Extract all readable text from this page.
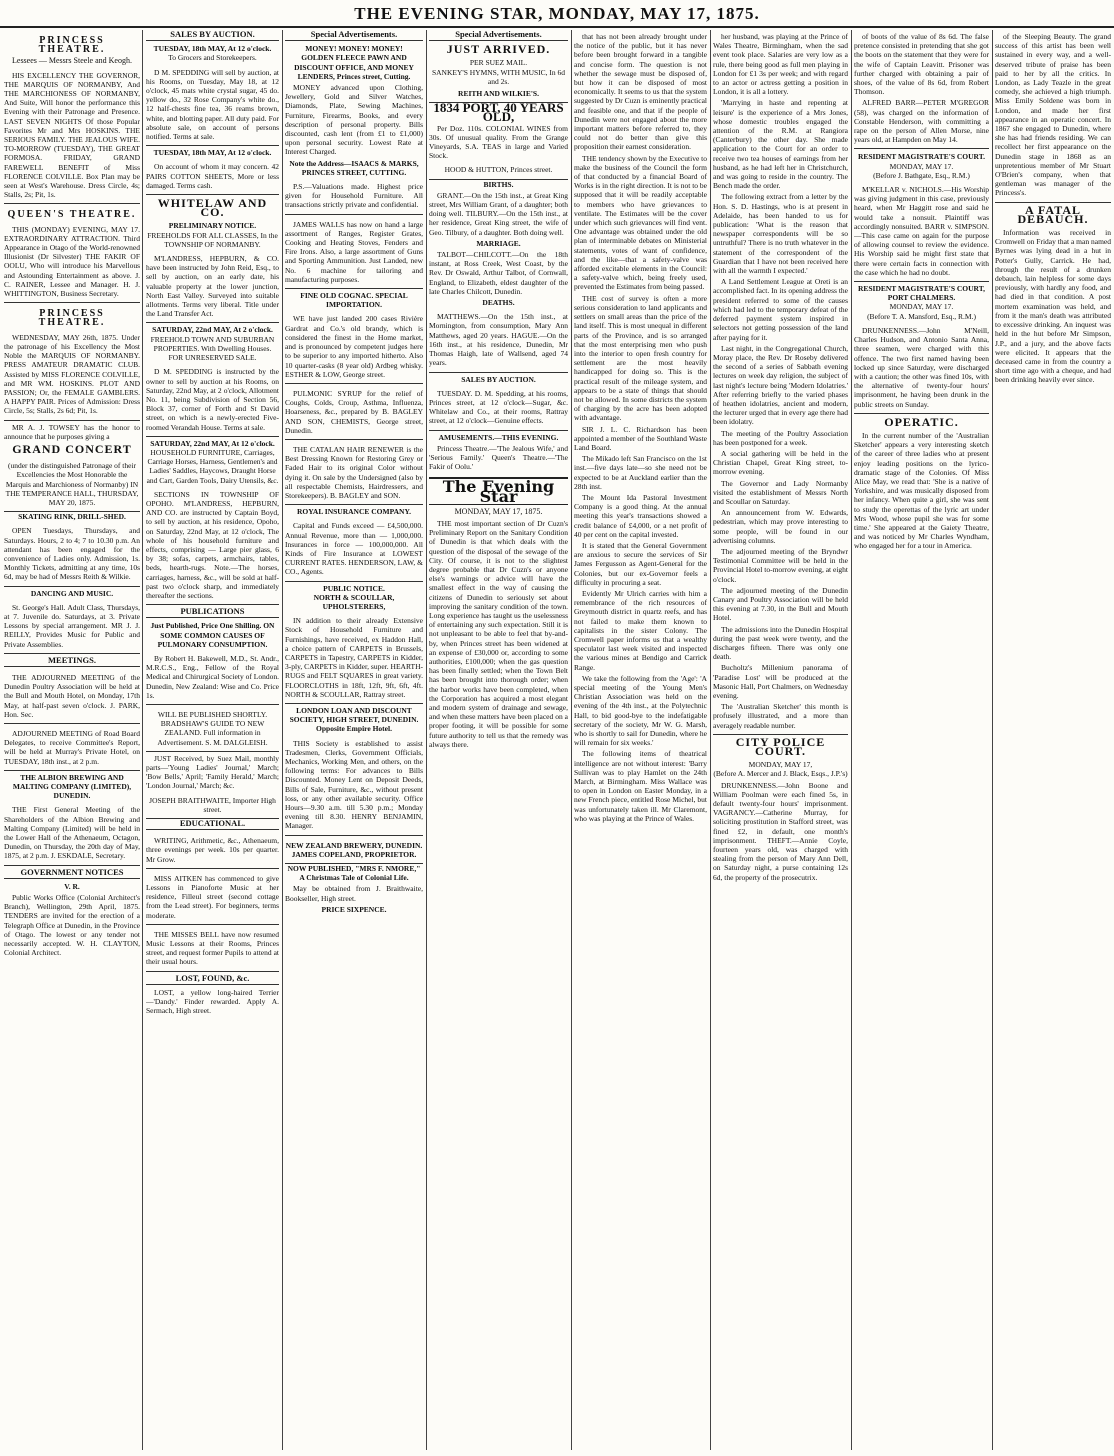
THE EVENING STAR, MONDAY, MAY 17, 1875.
PRINCESS THEATRE.
Lessees — Messrs Steele and Keogh.
HIS EXCELLENCY THE GOVERNOR, THE MARQUIS OF NORMANBY, And THE MARCHIONESS OF NORMANBY, And Suite, Will honor the performance this Evening with their Patronage and Presence. LAST SEVEN NIGHTS Of those Popular Favorites Mr and Mrs HOSKINS. THE SERIOUS FAMILY. THE JEALOUS WIFE. TO-MORROW (TUESDAY), THE GREAT FORMOSA. FRIDAY, GRAND FAREWELL BENEFIT of Miss FLORENCE COLVILLE. Box Plan may be seen at West's Warehouse. Dress Circle, 4s; Stalls, 2s; Pit, 1s.
QUEEN'S THEATRE.
THIS (MONDAY) EVENING, MAY 17. EXTRAORDINARY ATTRACTION. Third Appearance in Otago of the World-renowned Illusionist (Dr Silvester) THE FAKIR OF OOLU, Who will introduce his Marvellous and Astounding Entertainment as above. J. C. RAINER, Lessee and Manager. H. J. WHITTINGTON, Business Secretary.
PRINCESS THEATRE.
WEDNESDAY, MAY 26th, 1875. Under the patronage of his Excellency the Most Noble the MARQUIS OF NORMANBY. PRESS AMATEUR DRAMATIC CLUB. Assisted by MISS FLORENCE COLVILLE, and MR WM. HOSKINS. PLOT AND PASSION; Or, the FEMALE GAMBLERS. A HAPPY PAIR. Prices of Admission: Dress Circle, 5s; Stalls, 2s 6d; Pit, 1s.
MR A. J. TOWSEY has the honor to announce that he purposes giving a
GRAND CONCERT
(under the distinguished Patronage of their Excellencies the Most Honorable the Marquis and Marchioness of Normanby) IN THE TEMPERANCE HALL, THURSDAY, MAY 20, 1875.
SKATING RINK, DRILL-SHED.
OPEN Tuesdays, Thursdays, and Saturdays. Hours, 2 to 4; 7 to 10.30 p.m. An attendant has been engaged for the convenience of Ladies only. Admission, 1s. Monthly Tickets, admitting at any time, 10s 6d, may be had of Messrs Reith & Wilkie.
DANCING AND MUSIC.
St. George's Hall. Adult Class, Thursdays, at 7. Juvenile do. Saturdays, at 3. Private Lessons by special arrangement. MR J. J. REILLY, Provides Music for Public and Private Assemblies.
MEETINGS.
THE ADJOURNED MEETING of the Dunedin Poultry Association will be held at the Bull and Mouth Hotel, on Monday, 17th May, at half-past seven o'clock. J. PARK, Hon. Sec.
ADJOURNED MEETING of Road Board Delegates, to receive Committee's Report, will be held at Murray's Private Hotel, on TUESDAY, 18th inst., at 2 p.m.
THE ALBION BREWING AND MALTING COMPANY (LIMITED), DUNEDIN.
THE First General Meeting of the Shareholders of the Albion Brewing and Malting Company (Limited) will be held in the Lower Hall of the Athenaeum, Octagon, Dunedin, on Thursday, the 20th day of May, 1875, at 2 p.m. J. ESKDALE, Secretary.
GOVERNMENT NOTICES
V. R.
Public Works Office (Colonial Architect's Branch), Wellington, 29th April, 1875. TENDERS are invited for the erection of a Telegraph Office at Dunedin, in the Province of Otago. The lowest or any tender not necessarily accepted. W. H. CLAYTON, Colonial Architect.
SALES BY AUCTION.
TUESDAY, 18th MAY, At 12 o'clock.
To Grocers and Storekeepers.
D M. SPEDDING will sell by auction, at his Rooms, on Tuesday, May 18, at 12 o'clock, 45 mats white crystal sugar, 45 do. yellow do., 32 Rose Company's white do., 12 half-chests fine tea, 36 reams brown, white, and blotting paper. All duty paid. For absolute sale, on account of persons notified. Terms at sale.
TUESDAY, 18th MAY, At 12 o'clock.
On account of whom it may concern. 42 PAIRS COTTON SHEETS, More or less damaged. Terms cash.
WHITELAW AND CO.
PRELIMINARY NOTICE.
FREEHOLDS FOR ALL CLASSES, In the TOWNSHIP OF NORMANBY.
M'LANDRESS, HEPBURN, & CO. have been instructed by John Reid, Esq., to sell by auction, on an early date, his valuable property at the lower junction, North East Valley. Surveyed into suitable allotments. Terms very liberal. Title under the Land Transfer Act.
SATURDAY, 22nd MAY, At 2 o'clock.
FREEHOLD TOWN AND SUBURBAN PROPERTIES. With Dwelling Houses. FOR UNRESERVED SALE.
D M. SPEDDING is instructed by the owner to sell by auction at his Rooms, on Saturday, 22nd May, at 2 o'clock, Allotment No. 11, being Subdivision of Section 56, Block 37, corner of Forth and St David street, on which is a newly-erected Five-roomed Verandah House. Terms at sale.
SATURDAY, 22nd MAY, At 12 o'clock.
HOUSEHOLD FURNITURE, Carriages, Carriage Horses, Harness, Gentlemen's and Ladies' Saddles, Haycows, Draught Horse and Cart, Garden Tools, Dairy Utensils, &c.
SECTIONS IN TOWNSHIP OF OPOHO. M'LANDRESS, HEPBURN, AND CO. are instructed by Captain Boyd, to sell by auction, at his residence, Opoho, on Saturday, 22nd May, at 12 o'clock, The whole of his household furniture and effects, comprising — Large pier glass, 6 by 38; sofas, carpets, armchairs, tables, beds, hearth-rugs. Note.—The horses, carriages, harness, &c., will be sold at half-past two o'clock sharp, and immediately thereafter the sections.
PUBLICATIONS
Just Published, Price One Shilling. ON SOME COMMON CAUSES OF PULMONARY CONSUMPTION.
By Robert H. Bakewell, M.D., St. Andr., M.R.C.S., Eng., Fellow of the Royal Medical and Chirurgical Society of London. Dunedin, New Zealand: Wise and Co. Price 1s.
WILL BE PUBLISHED SHORTLY. BRADSHAW'S GUIDE TO NEW ZEALAND. Full information in Advertisement. S. M. DALGLEISH.
JUST Received, by Suez Mail, monthly parts—'Young Ladies' Journal,' March; 'Bow Bells,' April; 'Family Herald,' March; 'London Journal,' March; &c.
JOSEPH BRAITHWAITE, Importer High street.
EDUCATIONAL.
WRITING, Arithmetic, &c., Athenaeum, three evenings per week. 10s per quarter. Mr Grow.
MISS AITKEN has commenced to give Lessons in Pianoforte Music at her residence, Filleul street (second cottage from the Lead street). For beginners, terms moderate.
THE MISSES BELL have now resumed Music Lessons at their Rooms, Princes street, and request former Pupils to attend at their usual hours.
LOST, FOUND, &c.
LOST, a yellow long-haired Terrier—'Dandy.' Finder rewarded. Apply A. Sermach, High street.
Special Advertisements.
MONEY! MONEY! MONEY!
GOLDEN FLEECE PAWN AND DISCOUNT OFFICE, AND MONEY LENDERS, Princes street, Cutting.
MONEY advanced upon Clothing, Jewellery, Gold and Silver Watches, Diamonds, Plate, Sewing Machines, Furniture, Firearms, Books, and every description of personal property. Bills discounted, cash lent (from £1 to £1,000) upon personal security. Lowest Rate at Interest Charged.
Note the Address—ISAACS & MARKS, PRINCES STREET, CUTTING.
P.S.—Valuations made. Highest price given for Household Furniture. All transactions strictly private and confidential.
JAMES WALLS has now on hand a large assortment of Ranges, Register Grates, Cooking and Heating Stoves, Fenders and Fire Irons. Also, a large assortment of Guns and Sporting Ammunition. Just Landed, new No. 6 machine for tailoring and manufacturing purposes.
FINE OLD COGNAC. SPECIAL IMPORTATION.
WE have just landed 200 cases Rivière Gardrat and Co.'s old brandy, which is considered the finest in the Home market, and is pronounced by competent judges here to be superior to any imported hitherto. Also 10 quarter-casks (8 year old) Ardbeg whisky. ESTHER & LOW, George street.
PULMONIC SYRUP for the relief of Coughs, Colds, Croup, Asthma, Influenza, Hoarseness, &c., prepared by B. BAGLEY AND SON, CHEMISTS, George street, Dunedin.
THE CATALAN HAIR RENEWER is the Best Dressing Known for Restoring Grey or Faded Hair to its original Color without dying it. On sale by the Undersigned (also by all respectable Chemists, Hairdressers, and Storekeepers). B. BAGLEY and SON.
ROYAL INSURANCE COMPANY.
Capital and Funds exceed — £4,500,000. Annual Revenue, more than — 1,000,000. Insurances in force — 100,000,000. All Kinds of Fire Insurance at LOWEST CURRENT RATES. HENDERSON, LAW, & CO., Agents.
PUBLIC NOTICE.
NORTH & SCOULLAR, UPHOLSTERERS,
IN addition to their already Extensive Stock of Household Furniture and Furnishings, have received, ex Haddon Hall, a choice pattern of CARPETS in Brussels, CARPETS in Tapestry, CARPETS in Kidder, 3-ply, CARPETS in Kidder, super. HEARTH-RUGS and FELT SQUARES in great variety. FLOORCLOTHS in 18ft, 12ft, 9ft, 6ft, 4ft. NORTH & SCOULLAR, Rattray street.
LONDON LOAN AND DISCOUNT SOCIETY, HIGH STREET, DUNEDIN. Opposite Empire Hotel.
THIS Society is established to assist Tradesmen, Clerks, Government Officials, Mechanics, Working Men, and others, on the following terms: For advances to Bills Discounted. Money Lent on Deposit Deeds, Bills of Sale, Furniture, &c., without present loss, or any other available security. Office Hours—9.30 a.m. till 5.30 p.m.; Monday evening till 8.30. HENRY BENJAMIN, Manager.
NEW ZEALAND BREWERY, DUNEDIN. JAMES COPELAND, PROPRIETOR.
NOW PUBLISHED, "MRS F. NMORE," A Christmas Tale of Colonial Life.
May be obtained from J. Braithwaite, Bookseller, High street.
PRICE SIXPENCE.
Special Advertisements.
JUST ARRIVED.
PER SUEZ MAIL.
SANKEY'S HYMNS, WITH MUSIC, In 6d and 2s.
REITH AND WILKIE'S.
1834 PORT, 40 YEARS OLD,
Per Doz. 110s. COLONIAL WINES from 30s. Of unusual quality. From the Grange Vineyards, S.A. TEAS in large and Varied Stock.
HOOD & HUTTON, Princes street.
BIRTHS.
GRANT.—On the 15th inst., at Great King street, Mrs William Grant, of a daughter; both doing well. TILBURY.—On the 15th inst., at her residence, Great King street, the wife of Geo. Tilbury, of a daughter. Both doing well.
MARRIAGE.
TALBOT—CHILCOTT.—On the 18th instant, at Ross Creek, West Coast, by the Rev. Dr Oswald, Arthur Talbot, of Cornwall, England, to Elizabeth, eldest daughter of the late Charles Chilcott, Dunedin.
DEATHS.
MATTHEWS.—On the 15th inst., at Mornington, from consumption, Mary Ann Matthews, aged 20 years. HAGUE.—On the 16th inst., at his residence, Dunedin, Mr Thomas Haigh, late of Wallsend, aged 74 years.
SALES BY AUCTION.
TUESDAY. D. M. Spedding, at his rooms, Princes street, at 12 o'clock—Sugar, &c. Whitelaw and Co., at their rooms, Rattray street, at 12 o'clock—Genuine effects.
AMUSEMENTS.—THIS EVENING.
Princess Theatre.—'The Jealous Wife,' and 'Serious Family.' Queen's Theatre.—'The Fakir of Oolu.'
The Evening Star
MONDAY, MAY 17, 1875.
THE most important section of Dr Cuzn's Preliminary Report on the Sanitary Condition of Dunedin is that which deals with the question of the disposal of the sewage of the City. Of course, it is not to the slightest degree probable that Dr Cuzn's or anyone else's warnings or advice will have the smallest effect in the way of causing the citizens of Dunedin to seriously set about improving the sanitary condition of the town. Long experience has taught us the uselessness of entertaining any such expectation. Still it is not unpleasant to be able to feel that by-and-by, when Princes street has been widened at an expense of £30,000 or, according to some authorities, £100,000; when the gas question has been finally settled; when the Town Belt has been brought into thorough order; when the harbor works have been completed, when the Corporation has acquired a most elegant and modern system of drainage and sewage, and when these matters have been placed on a proper footing, it will be possible for some future authority to tell us that the remedy was always there.
that has not been already brought under the notice of the public, but it has never before been brought forward in a tangible and concise form. The question is not whether the sewage must be disposed of, but how it can be disposed of most economically. It seems to us that the system suggested by Dr Cuzn is eminently practical and feasible one, and that if the people of Dunedin were not engaged about the more important matters before referred to, they could not do better than give this proposition their earnest consideration.
THE tendency shown by the Executive to make the business of the Council the form of that conducted by a financial Board of Works is in the right direction. It is not to be supposed that it will be readily acceptable to members who have grievances to ventilate. The Estimates will be the cover under which such grievances will find vent. One advantage was obtained under the old plan of interminable debates on Ministerial statements, votes of want of confidence, and the like—that a safety-valve was afforded excitable elements in the Council: a safety-valve which, being freely used, prevented the Estimates from being passed.
THE cost of survey is often a more serious consideration to land applicants and settlers on small areas than the price of the land itself. This is most unequal in different parts of the Province, and is so arranged that the most enterprising men who push into the interior to open fresh country for settlement are the most heavily handicapped for doing so. This is the practical result of the mileage system, and appears to be a state of things that should not be allowed. In some districts the system of charging by the acre has been adopted with advantage.
SIR J. L. C. Richardson has been appointed a member of the Southland Waste Land Board.
The Mikado left San Francisco on the 1st inst.—five days late—so she need not be expected to be at Auckland earlier than the 28th inst.
The Mount Ida Pastoral Investment Company is a good thing. At the annual meeting this year's transactions showed a credit balance of £4,000, or a net profit of 40 per cent on the capital invested.
It is stated that the General Government are anxious to secure the services of Sir James Fergusson as Agent-General for the Colonies, but our ex-Governor feels a difficulty in procuring a seat.
Evidently Mr Ulrich carries with him a remembrance of the rich resources of Greymouth district in quartz reefs, and has not failed to make them known to capitalists in the sister Colony. The Cromwell paper informs us that a wealthy speculator last week visited and inspected the various mines at Bendigo and Carrick Range.
We take the following from the 'Age': 'A special meeting of the Young Men's Christian Association was held on the evening of the 4th inst., at the Polytechnic Hall, to bid good-bye to the indefatigable secretary of the society, Mr W. G. Marsh, who is shortly to sail for Dunedin, where he will remain for six weeks.'
The following items of theatrical intelligence are not without interest: 'Barry Sullivan was to play Hamlet on the 24th March, at Birmingham. Miss Wallace was to open in London on Easter Monday, in a new French piece, entitled Rose Michel, but was unfortunately taken ill. Mr Claremont, who was playing at the Prince of Wales.
her husband, was playing at the Prince of Wales Theatre, Birmingham, when the sad event took place. Salaries are very low as a rule, there being good as full men playing in London for £1 3s per week; and with regard to an actor or actress getting a position in London, it is all a lottery.
'Marrying in haste and repenting at leisure' is the experience of a Mrs Jones, whose domestic troubles engaged the attention of the R.M. at Rangiora (Canterbury) the other day. She made application to the Court for an order to receive two tea houses of earnings from her husband, as he had left her in Christchurch, and was going to reside in the country. The Bench made the order.
The following extract from a letter by the Hon. S. D. Hastings, who is at present in Adelaide, has been handed to us for publication: 'What is the reason that newspaper correspondents will be so untruthful? There is no truth whatever in the statement of the correspondent of the Guardian that I have not been received here with all the warmth I expected.'
A Land Settlement League at Oreti is an accomplished fact. In its opening address the president referred to some of the causes which had led to the temporary defeat of the deferred payment system inspired in selectors not getting possession of the land after paying for it.
Last night, in the Congregational Church, Moray place, the Rev. Dr Roseby delivered the second of a series of Sabbath evening lectures on week day religion, the subject of last night's lecture being 'Modern Idolatries.' After referring briefly to the varied phases of heathen idolatries, ancient and modern, the lecturer urged that in every age there had been idolatry.
The meeting of the Poultry Association has been postponed for a week.
A social gathering will be held in the Christian Chapel, Great King street, to-morrow evening.
The Governor and Lady Normanby visited the establishment of Messrs North and Scoullar on Saturday.
An announcement from W. Edwards, pedestrian, which may prove interesting to some people, will be found in our advertising columns.
The adjourned meeting of the Bryndwr Testimonial Committee will be held in the Provincial Hotel to-morrow evening, at eight o'clock.
The adjourned meeting of the Dunedin Canary and Poultry Association will be held this evening at 7.30, in the Bull and Mouth Hotel.
The admissions into the Dunedin Hospital during the past week were twenty, and the discharges fifteen. There was only one death.
Bucholtz's Millenium panorama of 'Paradise Lost' will be produced at the Masonic Hall, Port Chalmers, on Wednesday evening.
The 'Australian Sketcher' this month is profusely illustrated, and a more than averagely readable number.
CITY POLICE COURT.
MONDAY, MAY 17,
(Before A. Mercer and J. Black, Esqs., J.P.'s)
DRUNKENNESS.—John Boone and William Poolman were each fined 5s, in default twenty-four hours' imprisonment. VAGRANCY.—Catherine Murray, for soliciting prostitution in Stafford street, was fined £2, in default, one month's imprisonment. THEFT.—Annie Coyle, fourteen years old, was charged with stealing from the person of Mary Ann Dell, on Saturday night, a purse containing 12s 6d, the property of the prosecutrix.
of boots of the value of 8s 6d. The false pretence consisted in pretending that she got the boots on the statement that they were for the wife of Captain Leavitt. Prisoner was further charged with obtaining a pair of shoes, of the value of 8s 6d, from Robert Thomson.
ALFRED BARR—PETER M'GREGOR (58), was charged on the information of Constable Henderson, with committing a rape on the person of Allen Morse, nine years old, at Hampden on May 14.
RESIDENT MAGISTRATE'S COURT.
MONDAY, MAY 17.
(Before J. Bathgate, Esq., R.M.)
M'KELLAR v. NICHOLS.—His Worship was giving judgment in this case, previously heard, when Mr Haggitt rose and said he would take a nonsuit. Plaintiff was accordingly nonsuited. BARR v. SIMPSON.—This case came on again for the purpose of allowing counsel to review the evidence. His Worship said he might first state that there were certain facts in connection with the case which he had no doubt.
RESIDENT MAGISTRATE'S COURT, PORT CHALMERS.
MONDAY, MAY 17.
(Before T. A. Mansford, Esq., R.M.)
DRUNKENNESS.—John M'Neill, Charles Hudson, and Antonio Santa Anna, three seamen, were charged with this offence. The two first named having been locked up since Saturday, were discharged with a caution; the other was fined 10s, with the alternative of twenty-four hours' imprisonment, he having been drunk in the public streets on Sunday.
OPERATIC.
In the current number of the 'Australian Sketcher' appears a very interesting sketch of the career of three ladies who at present enjoy leading positions on the lyrico-dramatic stage of the Colonies. Of Miss Alice May, we read that: 'She is a native of Yorkshire, and was musically disposed from her infancy. When quite a girl, she was sent to study the operettas of the lyric art under Mrs Wood, whose pupil she was for some time.' She appeared at the Gaiety Theatre, and was noticed by Mr Charles Wyndham, who engaged her for a tour in America.
of the Sleeping Beauty. The grand success of this artist has been well sustained in every way, and a well-deserved tribute of praise has been paid to her by all the critics. In London, as Lady Teazle in the great comedy, she achieved a high triumph. Miss Emily Soldene was born in London, and made her first appearance in an operatic concert. In 1867 she engaged to Dunedin, where she has had friends residing. We can recollect her first appearance on the Dunedin stage in 1868 as an unpretentious member of Mr Stuart O'Brien's company, when that gentleman was manager of the Princess's.
A FATAL DEBAUCH.
Information was received in Cromwell on Friday that a man named Byrnes was lying dead in a hut in Potter's Gully, Carrick. He had, through the result of a drunken debauch, lain helpless for some days previously, with hardly any food, and had died in that condition. A post mortem examination was held, and from it the man's death was attributed to excessive drinking. An inquest was held in the hut before Mr Simpson, J.P., and a jury, and the above facts were elicited. It appears that the deceased came in from the country a short time ago with a cheque, and had been drinking heavily ever since.
